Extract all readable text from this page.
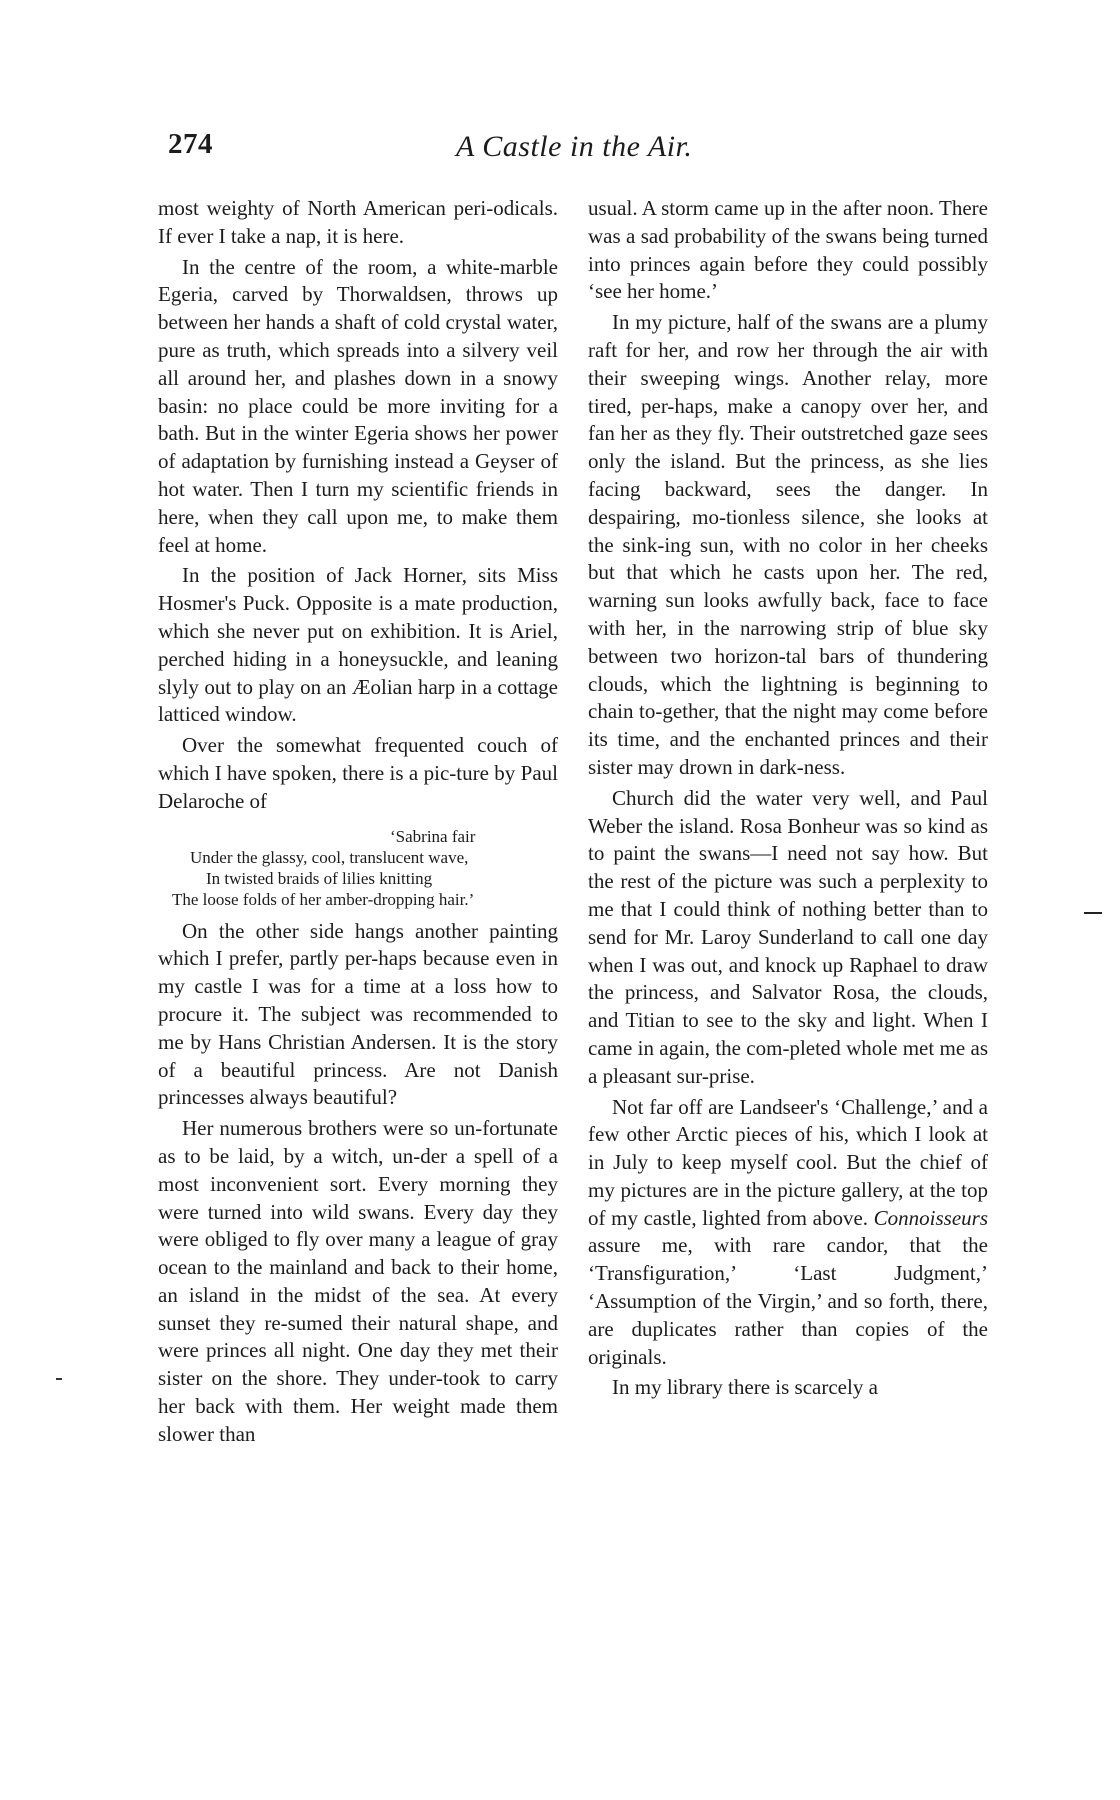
274	A Castle in the Air.

most weighty of North American peri-odicals. If ever I take a nap, it is here.

In the centre of the room, a white-marble Egeria, carved by Thorwaldsen, throws up between her hands a shaft of cold crystal water, pure as truth, which spreads into a silvery veil all around her, and plashes down in a snowy basin: no place could be more inviting for a bath. But in the winter Egeria shows her power of adaptation by furnishing instead a Geyser of hot water. Then I turn my scientific friends in here, when they call upon me, to make them feel at home.

In the position of Jack Horner, sits Miss Hosmer's Puck. Opposite is a mate production, which she never put on exhibition. It is Ariel, perched hiding in a honeysuckle, and leaning slyly out to play on an Æolian harp in a cottage latticed window.

Over the somewhat frequented couch of which I have spoken, there is a pic-ture by Paul Delaroche of

‘Sabrina fair
Under the glassy, cool, translucent wave,
In twisted braids of lilies knitting
The loose folds of her amber-dropping hair.’

On the other side hangs another painting which I prefer, partly per-haps because even in my castle I was for a time at a loss how to procure it. The subject was recommended to me by Hans Christian Andersen. It is the story of a beautiful princess. Are not Danish princesses always beautiful?

Her numerous brothers were so un-fortunate as to be laid, by a witch, un-der a spell of a most inconvenient sort. Every morning they were turned into wild swans. Every day they were obliged to fly over many a league of gray ocean to the mainland and back to their home, an island in the midst of the sea. At every sunset they re-sumed their natural shape, and were princes all night. One day they met their sister on the shore. They under-took to carry her back with them. Her weight made them slower than

usual. A storm came up in the after noon. There was a sad probability of the swans being turned into princes again before they could possibly ‘see her home.’

In my picture, half of the swans are a plumy raft for her, and row her through the air with their sweeping wings. Another relay, more tired, per-haps, make a canopy over her, and fan her as they fly. Their outstretched gaze sees only the island. But the princess, as she lies facing backward, sees the danger. In despairing, mo-tionless silence, she looks at the sink-ing sun, with no color in her cheeks but that which he casts upon her. The red, warning sun looks awfully back, face to face with her, in the narrowing strip of blue sky between two horizon-tal bars of thundering clouds, which the lightning is beginning to chain to-gether, that the night may come before its time, and the enchanted princes and their sister may drown in dark-ness.

Church did the water very well, and Paul Weber the island. Rosa Bonheur was so kind as to paint the swans—I need not say how. But the rest of the picture was such a perplexity to me that I could think of nothing better than to send for Mr. Laroy Sunderland to call one day when I was out, and knock up Raphael to draw the princess, and Salvator Rosa, the clouds, and Titian to see to the sky and light. When I came in again, the com-pleted whole met me as a pleasant sur-prise.

Not far off are Landseer's ‘Challenge,’ and a few other Arctic pieces of his, which I look at in July to keep myself cool. But the chief of my pictures are in the picture gallery, at the top of my castle, lighted from above. Connoisseurs assure me, with rare candor, that the ‘Transfiguration,’ ‘Last Judgment,’ ‘Assumption of the Virgin,’ and so forth, there, are duplicates rather than copies of the originals.

In my library there is scarcely a
